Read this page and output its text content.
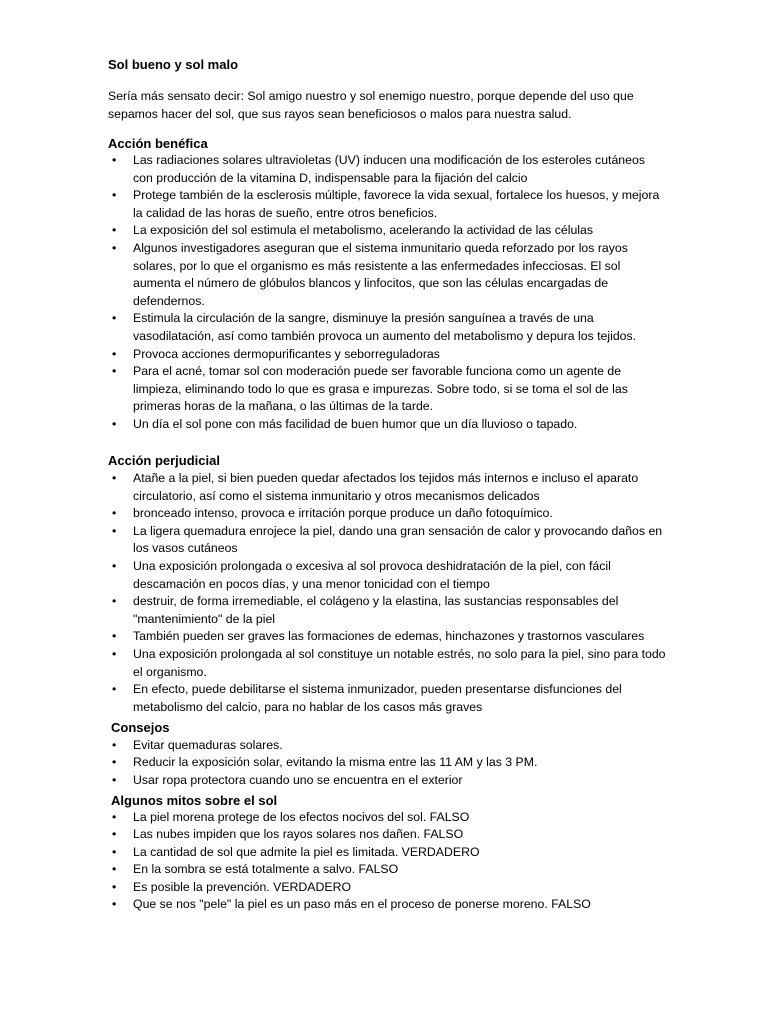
Sol bueno y sol malo
Sería más sensato decir: Sol amigo nuestro y sol enemigo nuestro, porque depende del uso que sepamos hacer del sol, que sus rayos sean beneficiosos o malos para nuestra salud.
Acción benéfica
• Las radiaciones solares ultravioletas (UV) inducen una modificación de los esteroles cutáneos con producción de la vitamina D, indispensable para la fijación del calcio
• Protege también de la esclerosis múltiple, favorece la vida sexual, fortalece los huesos, y mejora la calidad de las horas de sueño, entre otros beneficios.
• La exposición del sol estimula el metabolismo, acelerando la actividad de las células
• Algunos investigadores aseguran que el sistema inmunitario queda reforzado por los rayos solares, por lo que el organismo es más resistente a las enfermedades infecciosas. El sol aumenta el número de glóbulos blancos y linfocitos, que son las células encargadas de defendernos.
• Estimula la circulación de la sangre, disminuye la presión sanguínea a través de una vasodilatación, así como también provoca un aumento del metabolismo y depura los tejidos.
• Provoca acciones dermopurificantes y seborreguladoras
• Para el acné, tomar sol con moderación puede ser favorable funciona como un agente de limpieza, eliminando todo lo que es grasa e impurezas. Sobre todo, si se toma el sol de las primeras horas de la mañana, o las últimas de la tarde.
• Un día el sol pone con más facilidad de buen humor que un día lluvioso o tapado.
Acción perjudicial
• Atañe a la piel, si bien pueden quedar afectados los tejidos más internos e incluso el aparato circulatorio, así como el sistema inmunitario y otros mecanismos delicados
• bronceado intenso, provoca e irritación porque produce un daño fotoquímico.
• La ligera quemadura enrojece la piel, dando una gran sensación de calor y provocando daños en los vasos cutáneos
• Una exposición prolongada o excesiva al sol provoca deshidratación de la piel, con fácil descamación en pocos días, y una menor tonicidad con el tiempo
• destruir, de forma irremediable, el colágeno y la elastina, las sustancias responsables del "mantenimiento" de la piel
• También pueden ser graves las formaciones de edemas, hinchazones y trastornos vasculares
• Una exposición prolongada al sol constituye un notable estrés, no solo para la piel, sino para todo el organismo.
• En efecto, puede debilitarse el sistema inmunizador, pueden presentarse disfunciones del metabolismo del calcio, para no hablar de los casos más graves
Consejos
• Evitar quemaduras solares.
• Reducir la exposición solar, evitando la misma entre las 11 AM y las 3 PM.
• Usar ropa protectora cuando uno se encuentra en el exterior
Algunos mitos sobre el sol
• La piel morena protege de los efectos nocivos del sol. FALSO
• Las nubes impiden que los rayos solares nos dañen. FALSO
• La cantidad de sol que admite la piel es limitada. VERDADERO
• En la sombra se está totalmente a salvo. FALSO
• Es posible la prevención. VERDADERO
• Que se nos "pele" la piel es un paso más en el proceso de ponerse moreno. FALSO
